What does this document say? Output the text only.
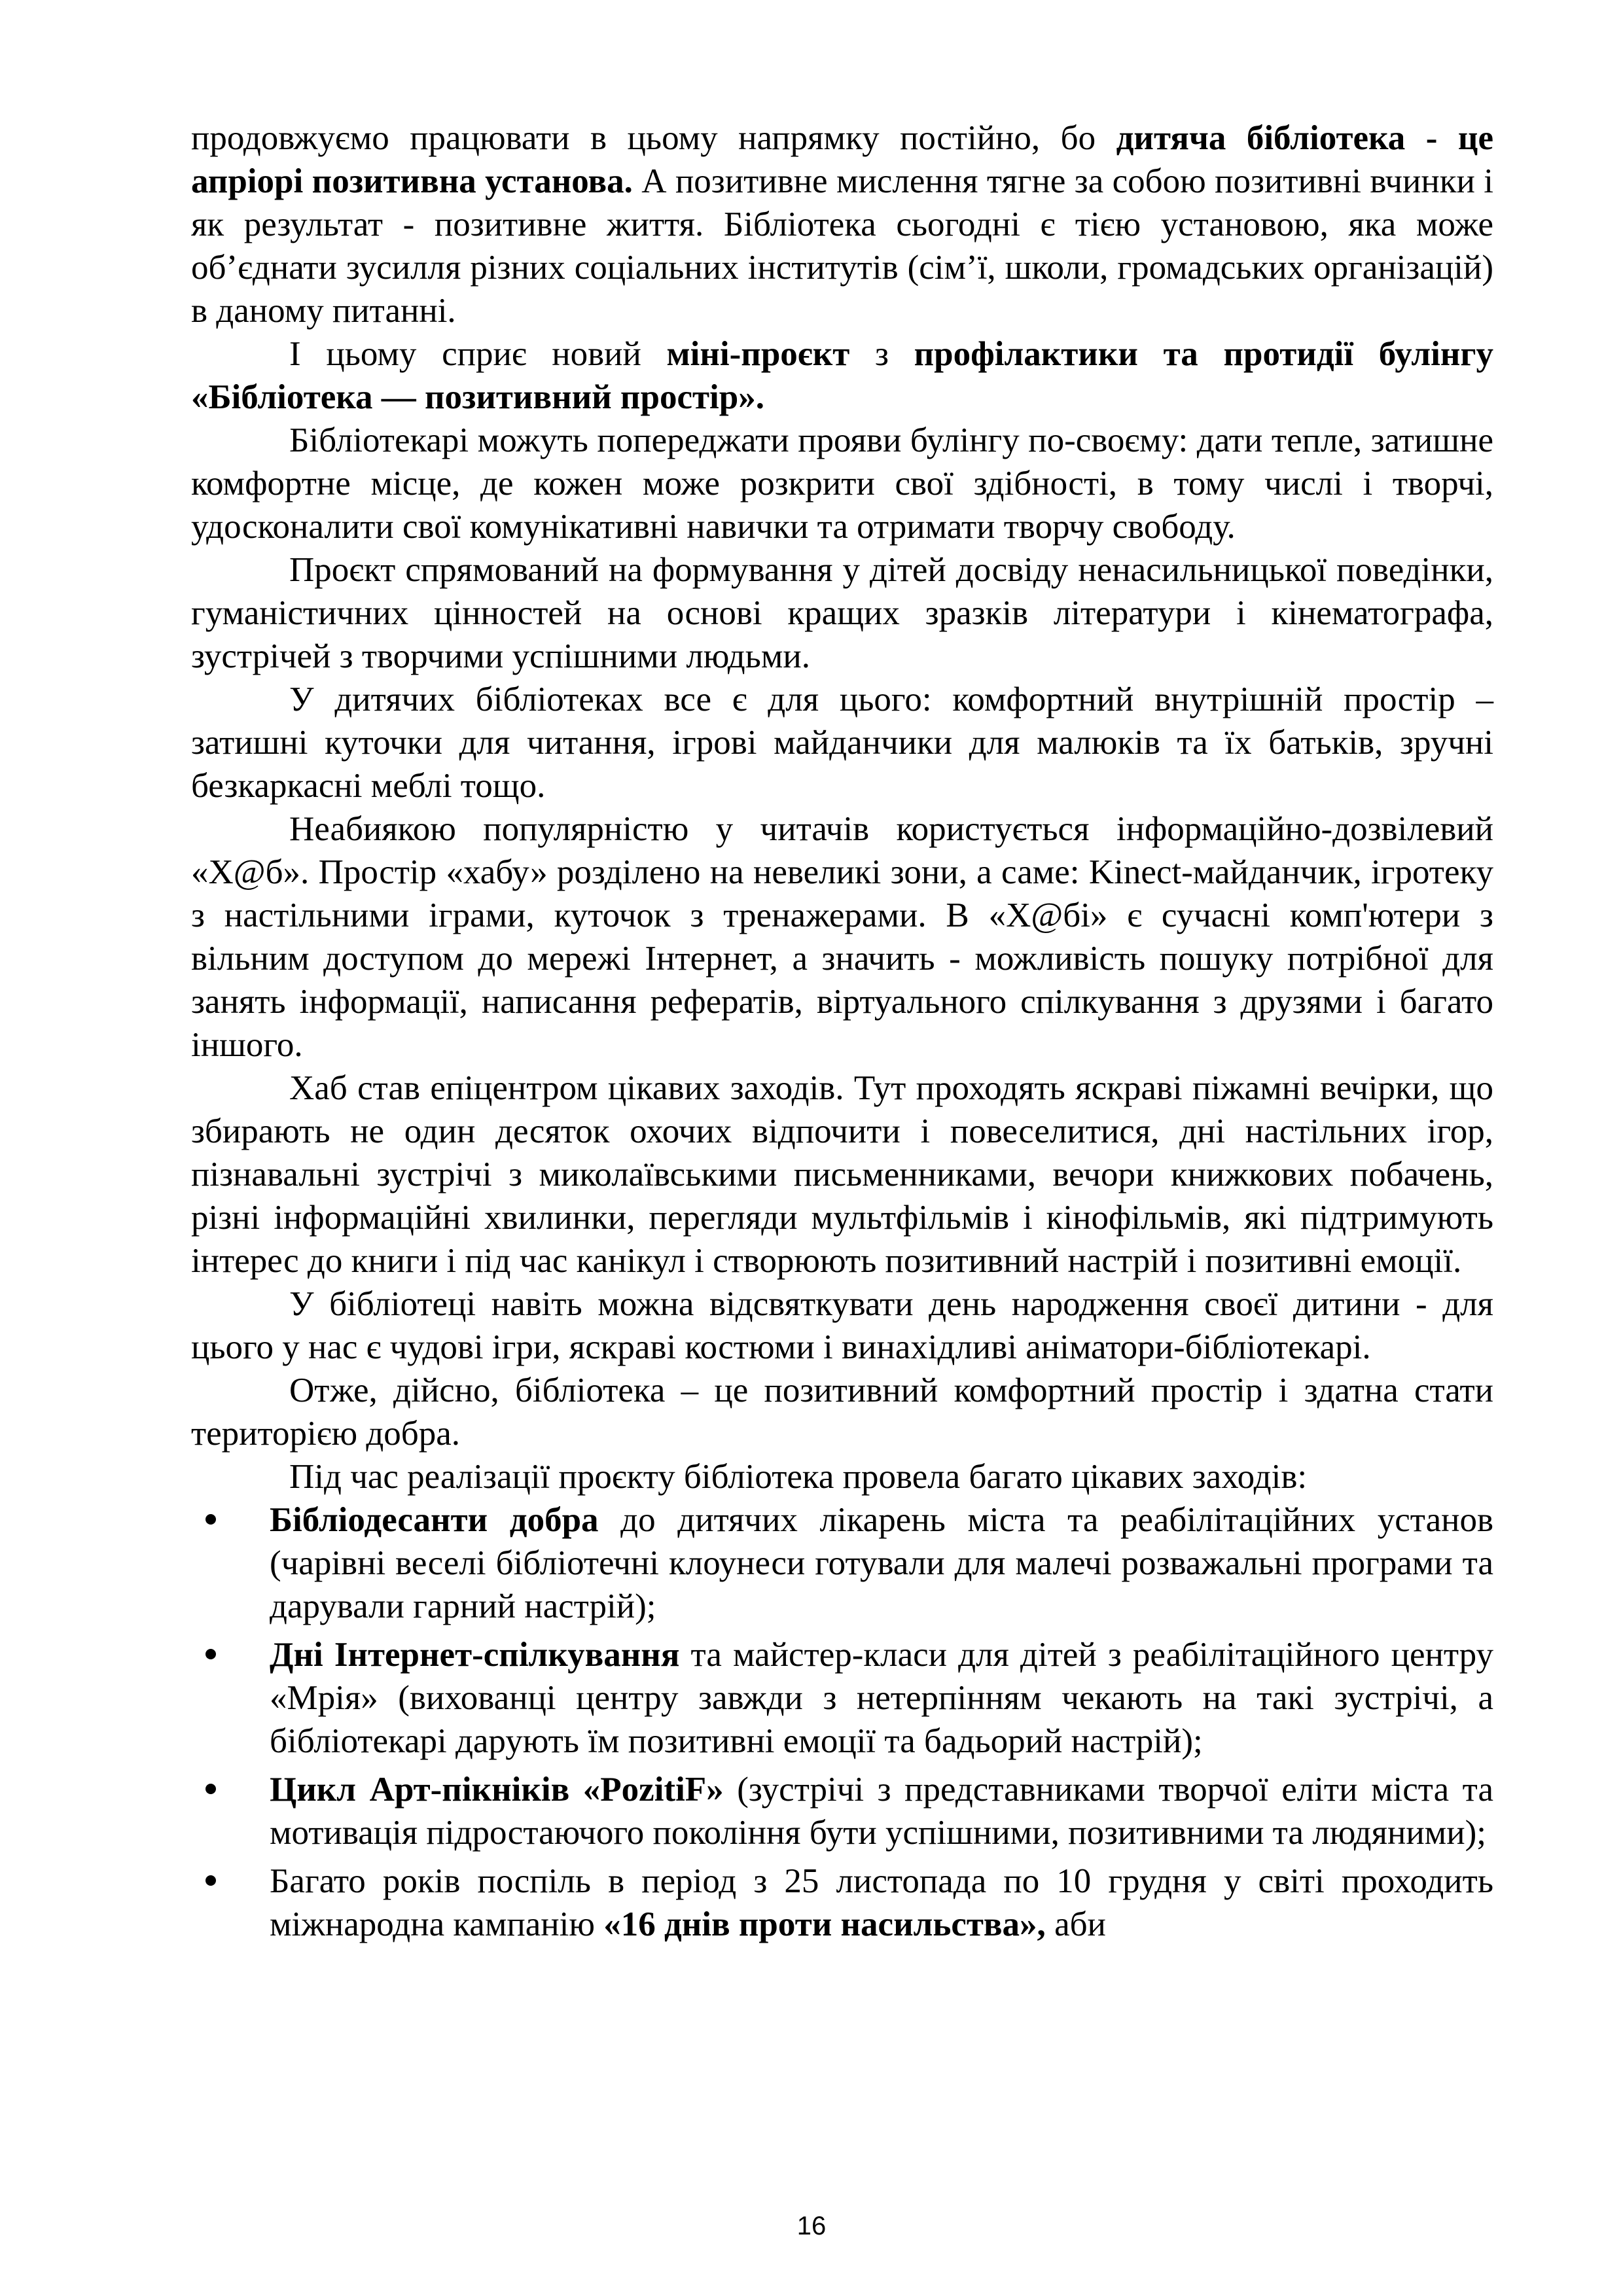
продовжуємо працювати в цьому напрямку постійно, бо дитяча бібліотека - це апріорі позитивна установа. А позитивне мислення тягне за собою позитивні вчинки і як результат - позитивне життя. Бібліотека сьогодні є тією установою, яка може об’єднати зусилля різних соціальних інститутів (сім’ї, школи, громадських організацій) в даному питанні.

І цьому сприє новий міні-проєкт з профілактики та протидії булінгу «Бібліотека — позитивний простір».

Бібліотекарі можуть попереджати прояви булінгу по-своєму: дати тепле, затишне комфортне місце, де кожен може розкрити свої здібності, в тому числі і творчі, удосконалити свої комунікативні навички та отримати творчу свободу.

Проєкт спрямований на формування у дітей досвіду ненасильницької поведінки, гуманістичних цінностей на основі кращих зразків літератури і кінематографа, зустрічей з творчими успішними людьми.

У дитячих бібліотеках все є для цього: комфортний внутрішній простір – затишні куточки для читання, ігрові майданчики для малюків та їх батьків, зручні безкаркасні меблі тощо.

Неабиякою популярністю у читачів користується інформаційно-дозвілевий «Х@б». Простір «хабу» розділено на невеликі зони, а саме: Kinect-майданчик, ігротеку з настільними іграми, куточок з тренажерами. В «Х@бі» є сучасні комп'ютери з вільним доступом до мережі Інтернет, а значить - можливість пошуку потрібної для занять інформації, написання рефератів, віртуального спілкування з друзями і багато іншого.

Хаб став епіцентром цікавих заходів. Тут проходять яскраві піжамні вечірки, що збирають не один десяток охочих відпочити і повеселитися, дні настільних ігор, пізнавальні зустрічі з миколаївськими письменниками, вечори книжкових побачень, різні інформаційні хвилинки, перегляди мультфільмів і кінофільмів, які підтримують інтерес до книги і під час канікул і створюють позитивний настрій і позитивні емоції.

У бібліотеці навіть можна відсвяткувати день народження своєї дитини - для цього у нас є чудові ігри, яскраві костюми і винахідливі аніматори-бібліотекарі.

Отже, дійсно, бібліотека – це позитивний комфортний простір і здатна стати територією добра.

Під час реалізації проєкту бібліотека провела багато цікавих заходів:

Бібліодесанти добра до дитячих лікарень міста та реабілітаційних установ (чарівні веселі бібліотечні клоунеси готували для малечі розважальні програми та дарували гарний настрій);
Дні Інтернет-спілкування та майстер-класи для дітей з реабілітаційного центру «Мрія» (вихованці центру завжди з нетерпінням чекають на такі зустрічі, а бібліотекарі дарують їм позитивні емоції та бадьорий настрій);
Цикл Арт-пікніків «PozitiF» (зустрічі з представниками творчої еліти міста та мотивація підростаючого покоління бути успішними, позитивними та людяними);
Багато років поспіль в період з 25 листопада по 10 грудня у світі проходить міжнародна кампанію «16 днів проти насильства», аби
16
